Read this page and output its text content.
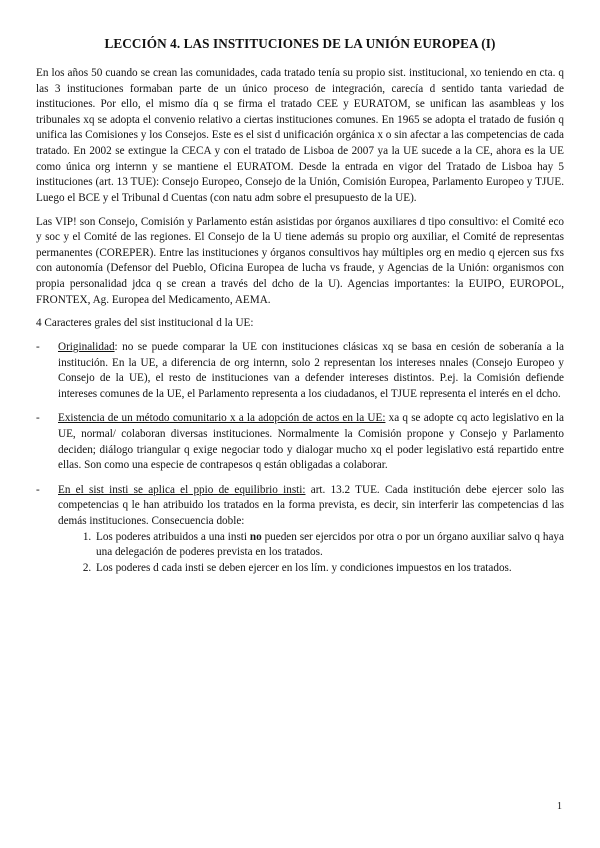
LECCIÓN 4. LAS INSTITUCIONES DE LA UNIÓN EUROPEA (I)

En los años 50 cuando se crean las comunidades, cada tratado tenía su propio sist. institucional, xo teniendo en cta. q las 3 instituciones formaban parte de un único proceso de integración, carecía d sentido tanta variedad de instituciones. Por ello, el mismo día q se firma el tratado CEE y EURATOM, se unifican las asambleas y los tribunales xq se adopta el convenio relativo a ciertas instituciones comunes. En 1965 se adopta el tratado de fusión q unifica las Comisiones y los Consejos. Este es el sist d unificación orgánica x o sin afectar a las competencias de cada tratado. En 2002 se extingue la CECA y con el tratado de Lisboa de 2007 ya la UE sucede a la CE, ahora es la UE como única org internn y se mantiene el EURATOM. Desde la entrada en vigor del Tratado de Lisboa hay 5 instituciones (art. 13 TUE): Consejo Europeo, Consejo de la Unión, Comisión Europea, Parlamento Europeo y TJUE. Luego el BCE y el Tribunal d Cuentas (con natu adm sobre el presupuesto de la UE).

Las VIP! son Consejo, Comisión y Parlamento están asistidas por órganos auxiliares d tipo consultivo: el Comité eco y soc y el Comité de las regiones. El Consejo de la U tiene además su propio org auxiliar, el Comité de representas permanentes (COREPER). Entre las instituciones y órganos consultivos hay múltiples org en medio q ejercen sus fxs con autonomía (Defensor del Pueblo, Oficina Europea de lucha vs fraude, y Agencias de la Unión: organismos con propia personalidad jdca q se crean a través del dcho de la U). Agencias importantes: la EUIPO, EUROPOL, FRONTEX, Ag. Europea del Medicamento, AEMA.

4 Caracteres grales del sist institucional d la UE:

-	Originalidad: no se puede comparar la UE con instituciones clásicas xq se basa en cesión de soberanía a la institución. En la UE, a diferencia de org internn, solo 2 representan los intereses nnales (Consejo Europeo y Consejo de la UE), el resto de instituciones van a defender intereses distintos. P.ej. la Comisión defiende intereses comunes de la UE, el Parlamento representa a los ciudadanos, el TJUE representa el interés en el dcho.
-	Existencia de un método comunitario x a la adopción de actos en la UE: xa q se adopte cq acto legislativo en la UE, normal/ colaboran diversas instituciones. Normalmente la Comisión propone y Consejo y Parlamento deciden; diálogo triangular q exige negociar todo y dialogar mucho xq el poder legislativo está repartido entre ellas. Son como una especie de contrapesos q están obligadas a colaborar.
-	En el sist insti se aplica el ppio de equilibrio insti: art. 13.2 TUE. Cada institución debe ejercer solo las competencias q le han atribuido los tratados en la forma prevista, es decir, sin interferir las competencias d las demás instituciones. Consecuencia doble:
1. Los poderes atribuidos a una insti no pueden ser ejercidos por otra o por un órgano auxiliar salvo q haya una delegación de poderes prevista en los tratados.
2. Los poderes d cada insti se deben ejercer en los lím. y condiciones impuestos en los tratados.
1
